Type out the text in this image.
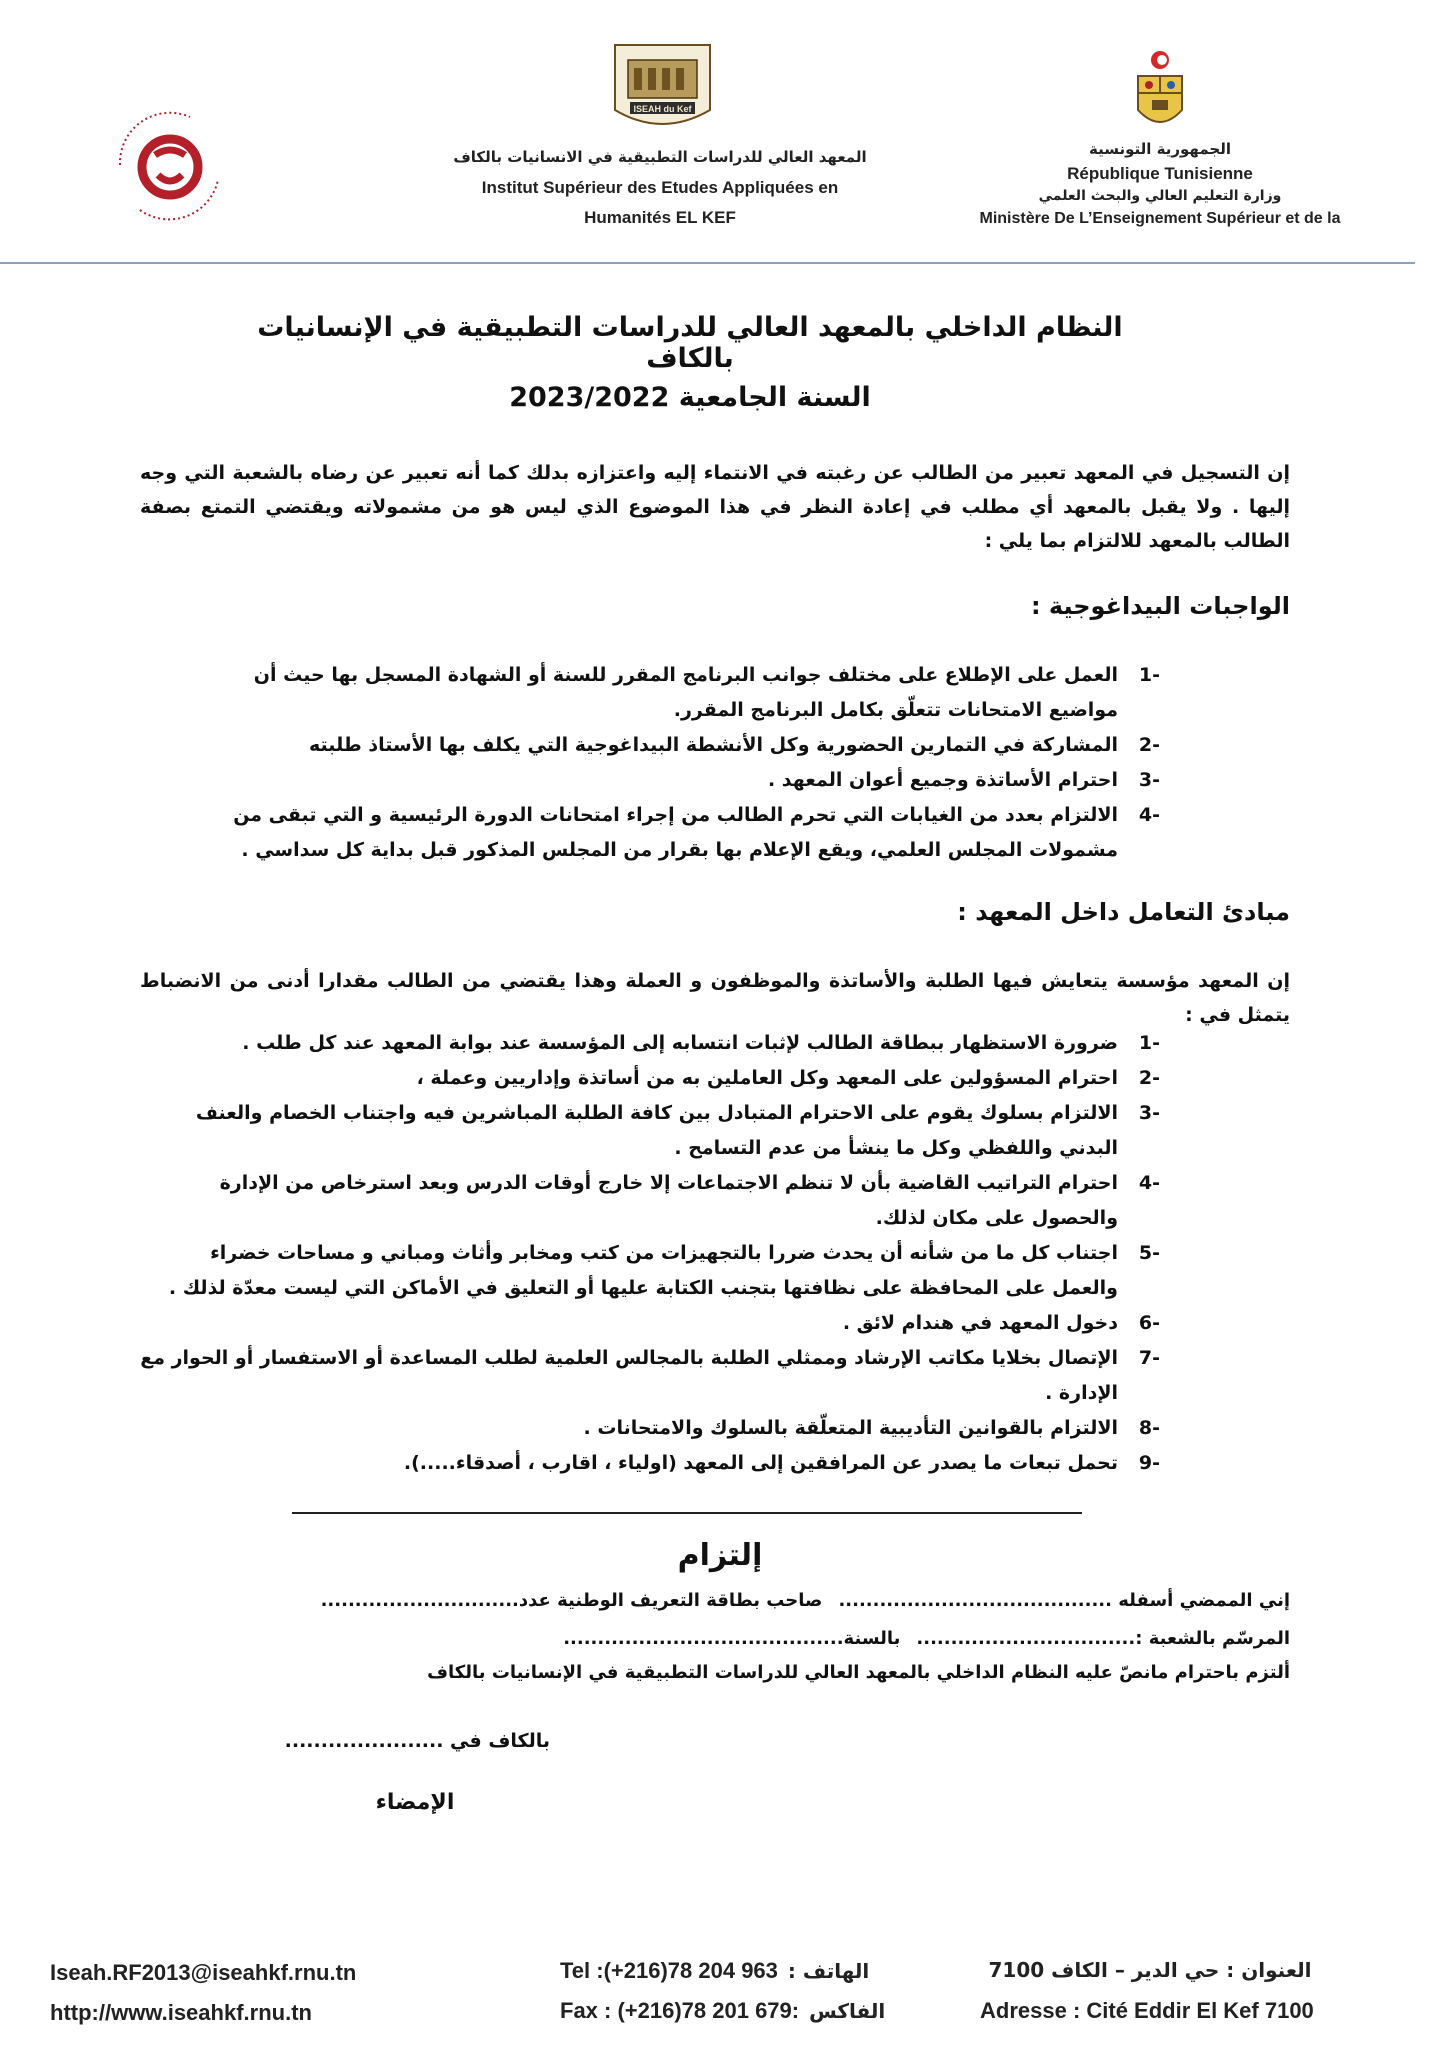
ISEAH du Kef
المعهد العالي للدراسات التطبيقية في الانسانيات بالكاف
Institut Supérieur des Etudes Appliquées en
Humanités EL KEF
الجمهورية التونسية
République Tunisienne
وزارة التعليم العالي والبحث العلمي
Ministère De L’Enseignement Supérieur et de la
النظام الداخلي بالمعهد العالي للدراسات التطبيقية في الإنسانيات بالكاف
السنة الجامعية 2023/2022
إن التسجيل في المعهد تعبير من الطالب عن رغبته في الانتماء إليه واعتزازه بدلك كما أنه تعبير عن رضاه بالشعبة التي وجه إليها . ولا يقبل بالمعهد أي مطلب في إعادة النظر في هذا الموضوع الذي ليس هو من مشمولاته ويقتضي التمتع بصفة الطالب بالمعهد للالتزام بما يلي :
الواجبات البيداغوجية :
-1
العمل على الإطلاع على مختلف جوانب البرنامج المقرر للسنة أو الشهادة المسجل بها حيث أن مواضيع الامتحانات تتعلّق بكامل البرنامج المقرر.
-2
المشاركة في التمارين الحضورية وكل الأنشطة البيداغوجية التي يكلف بها الأستاذ طلبته
-3
احترام الأساتذة وجميع أعوان المعهد .
-4
الالتزام بعدد من الغيابات التي تحرم الطالب من إجراء امتحانات الدورة الرئيسية و التي تبقى من مشمولات المجلس العلمي، ويقع الإعلام بها بقرار من المجلس المذكور قبل بداية كل سداسي .
مبادئ التعامل داخل المعهد :
إن المعهد مؤسسة يتعايش فيها الطلبة والأساتذة والموظفون و العملة وهذا يقتضي من الطالب مقدارا أدنى من الانضباط يتمثل في :
-1
ضرورة الاستظهار ببطاقة الطالب لإثبات انتسابه إلى المؤسسة عند بوابة المعهد عند كل طلب .
-2
احترام المسؤولين على المعهد وكل العاملين به من أساتذة وإداريين وعملة ،
-3
الالتزام بسلوك يقوم على الاحترام المتبادل بين كافة الطلبة المباشرين فيه واجتناب الخصام والعنف البدني واللفظي وكل ما ينشأ من عدم التسامح .
-4
احترام التراتيب القاضية بأن لا تنظم الاجتماعات إلا خارج أوقات الدرس وبعد استرخاص من الإدارة والحصول على مكان لذلك.
-5
اجتناب كل ما من شأنه أن يحدث ضررا بالتجهيزات من كتب ومخابر وأثاث ومباني و مساحات خضراء والعمل على المحافظة على نظافتها بتجنب الكتابة عليها أو التعليق في الأماكن التي ليست معدّة لذلك .
-6
دخول المعهد في هندام لائق .
-7
الإتصال بخلايا مكاتب الإرشاد وممثلي الطلبة بالمجالس العلمية لطلب المساعدة أو الاستفسار أو الحوار مع الإدارة .
-8
الالتزام بالقوانين التأديبية المتعلّقة بالسلوك والامتحانات .
-9
تحمل تبعات ما يصدر عن المرافقين إلى المعهد (اولياء ، اقارب ، أصدقاء.....).
إلتزام
إني الممضي أسفله ........................................
صاحب بطاقة التعريف الوطنية عدد.............................
المرسّم بالشعبة :................................
بالسنة.........................................
ألتزم باحترام مانصّ عليه النظام الداخلي بالمعهد العالي للدراسات التطبيقية في الإنسانيات بالكاف
بالكاف في ......................
الإمضاء
Iseah.RF2013@iseahkf.rnu.tn
http://www.iseahkf.rnu.tn
Tel :(+216)78 204 963 : الهاتف
Fax : (+216)78 201 679: الفاكس
العنوان : حي الدير – الكاف 7100
Adresse : Cité Eddir El Kef 7100
